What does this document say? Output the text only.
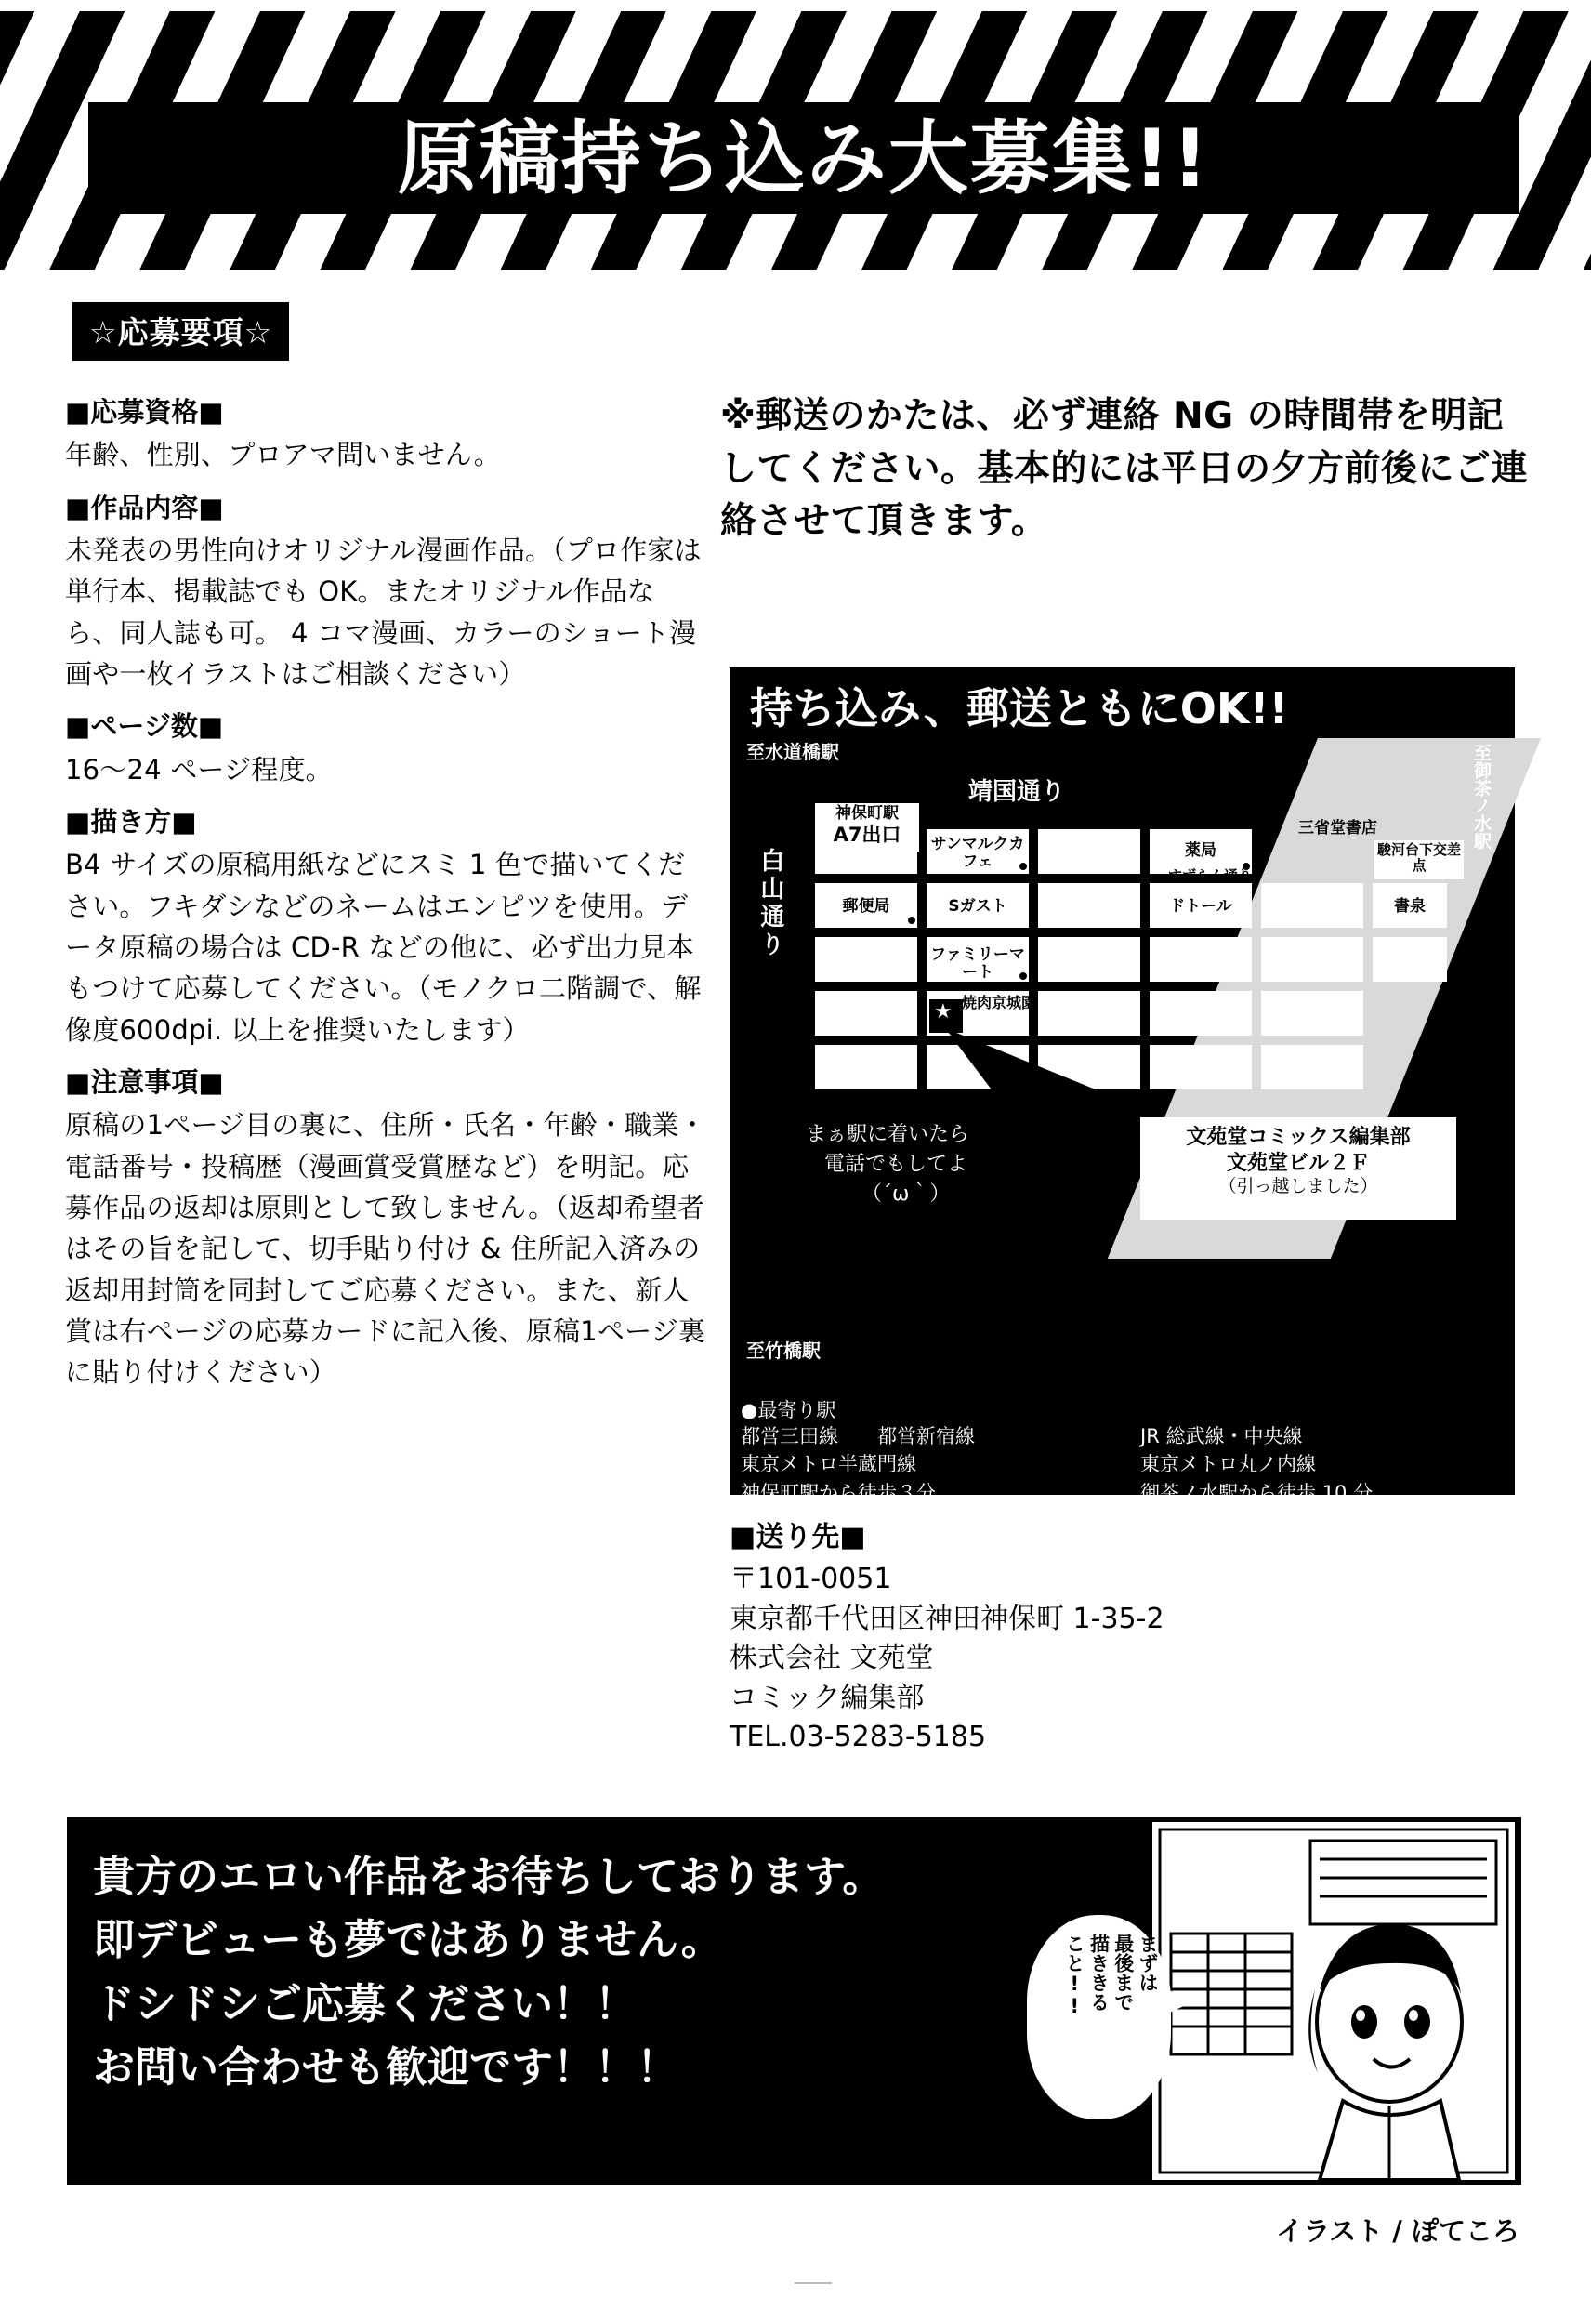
原稿持ち込み大募集!!
☆応募要項☆
■応募資格■
年齢、性別、プロアマ問いません。
■作品内容■
未発表の男性向けオリジナル漫画作品。（プロ作家は単行本、掲載誌でも OK。またオリジナル作品なら、同人誌も可。 4 コマ漫画、カラーのショート漫画や一枚イラストはご相談ください）
■ページ数■
16〜24 ページ程度。
■描き方■
B4 サイズの原稿用紙などにスミ 1 色で描いてください。フキダシなどのネームはエンピツを使用。データ原稿の場合は CD-R などの他に、必ず出力見本もつけて応募してください。（モノクロ二階調で、解像度600dpi. 以上を推奨いたします）
■注意事項■
原稿の1ページ目の裏に、住所・氏名・年齢・職業・電話番号・投稿歴（漫画賞受賞歴など）を明記。応募作品の返却は原則として致しません。（返却希望者はその旨を記して、切手貼り付け & 住所記入済みの返却用封筒を同封してご応募ください。また、新人賞は右ページの応募カードに記入後、原稿1ページ裏に貼り付けください）
※郵送のかたは、必ず連絡 NG の時間帯を明記してください。基本的には平日の夕方前後にご連絡させて頂きます。
持ち込み、郵送ともにOK!!
至水道橋駅	至御茶ノ水駅
至竹橋駅
靖国通り
白山通り
神保町駅
A7出口	サンマルクカフェ
薬局
三省堂書店
駿河台下交差点
すずらん通り
郵便局	Sガスト	ドトール	書泉
ファミリーマート
★ 焼肉京城園
文苑堂コミックス編集部
文苑堂ビル２Ｆ
（引っ越しました）
まぁ駅に着いたら
電話でもしてよ
（´ω｀）
●最寄り駅
都営三田線　　都営新宿線
東京メトロ半蔵門線
神保町駅から徒歩３分
JR 総武線・中央線
東京メトロ丸ノ内線
御茶ノ水駅から徒歩 10 分
■送り先■
〒101-0051
東京都千代田区神田神保町 1-35-2
株式会社 文苑堂
コミック編集部
TEL.03-5283-5185
貴方のエロい作品をお待ちしております。
即デビューも夢ではありません。
ドシドシご応募ください！！
お問い合わせも歓迎です！！！
まずは
最後まで
描ききる
こと!!
イラスト / ぽてころ
